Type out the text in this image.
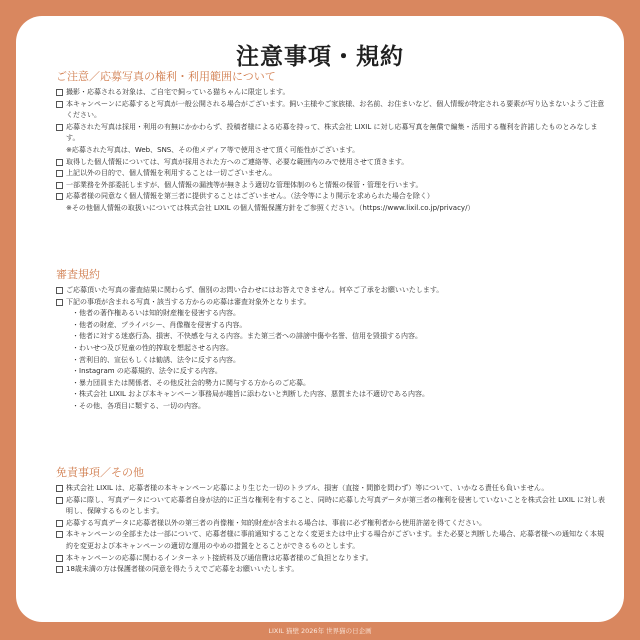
注意事項・規約
ご注意／応募写真の権利・利用範囲について
撮影・応募される対象は、ご自宅で飼っている猫ちゃんに限定します。
本キャンペーンに応募すると写真が一般公開される場合がございます。飼い主様やご家族様、お名前、お住まいなど、個人情報が特定される要素が写り込まないようご注意ください。
応募された写真は採用・利用の有無にかかわらず、投稿者様による応募を持って、株式会社 LIXIL に対し応募写真を無償で編集・活用する権利を許諾したものとみなします。
※応募された写真は、Web、SNS、その他メディア等で使用させて頂く可能性がございます。
取得した個人情報については、写真が採用された方へのご連絡等、必要な範囲内のみで使用させて頂きます。
上記以外の目的で、個人情報を利用することは一切ございません。
一部業務を外部委託しますが、個人情報の漏洩等が無きよう適切な管理体制のもと情報の保管・管理を行います。
応募者様の同意なく個人情報を第三者に提供することはございません。（法令等により開示を求められた場合を除く）
※その他個人情報の取扱いについては株式会社 LIXIL の個人情報保護方針をご参照ください。（https://www.lixil.co.jp/privacy/）
審査規約
ご応募頂いた写真の審査結果に関わらず、個別のお問い合わせにはお答えできません。何卒ご了承をお願いいたします。
下記の事項が含まれる写真・該当する方からの応募は審査対象外となります。
・他者の著作権あるいは知的財産権を侵害する内容。
・他者の財産、プライバシー、肖像権を侵害する内容。
・他者に対する迷惑行為、損害、不快感を与える内容。また第三者への誹謗中傷や名誉、信用を毀損する内容。
・わいせつ及び児童の性的搾取を想起させる内容。
・営利目的、宣伝もしくは勧誘、法令に反する内容。
・Instagram の応募規約、法令に反する内容。
・暴力団員または関係者、その他反社会的勢力に関与する方からのご応募。
・株式会社 LIXIL および本キャンペーン事務局が趣旨に添わないと判断した内容、悪質または不適切である内容。
・その他、各項目に類する、一切の内容。
免責事項／その他
株式会社 LIXIL は、応募者様の本キャンペーン応募により生じた一切のトラブル、損害（直接・間節を問わず）等について、いかなる責任も負いません。
応募に際し、写真データについて応募者自身が法的に正当な権利を有すること、同時に応募した写真データが第三者の権利を侵害していないことを株式会社 LIXIL に対し表明し、保障するものとします。
応募する写真データに応募者様以外の第三者の肖像権・知的財産が含まれる場合は、事前に必ず権利者から使用許諾を得てください。
本キャンペーンの全部または一部について、応募者様に事前通知することなく変更または中止する場合がございます。また必要と判断した場合、応募者様への通知なく本規約を変更および本キャンペーンの適切な運用のやめの措置をとることができるものとします。
本キャンペーンの応募に関わるインターネット接続料及び通信費は応募者様のご負担となります。
18歳未満の方は保護者様の同意を得たうえでご応募をお願いいたします。
LIXIL 猫壁 2026年 世界猫の日企画
